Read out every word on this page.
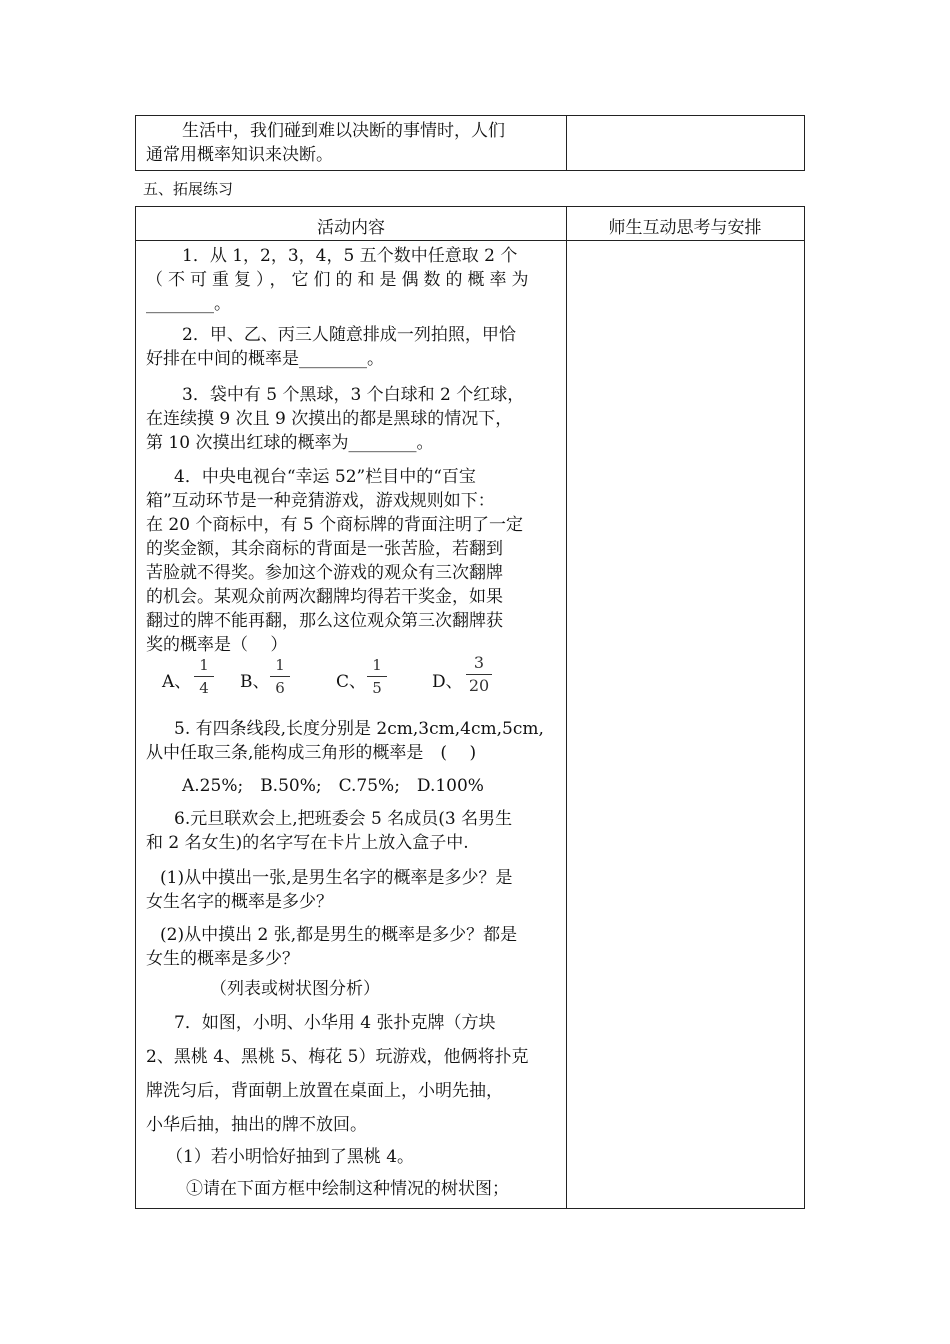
生活中，我们碰到难以决断的事情时，人们

通常用概率知识来决断。

五、拓展练习
活动内容	师生互动思考与安排

1．从 1，2，3，4，5 五个数中任意取 2 个

（不可重复），它们的和是偶数的概率为

________。

2．甲、乙、丙三人随意排成一列拍照，甲恰

好排在中间的概率是________。

3．袋中有 5 个黑球，3 个白球和 2 个红球，

在连续摸 9 次且 9 次摸出的都是黑球的情况下，

第 10 次摸出红球的概率为________。

4．中央电视台“幸运 52”栏目中的“百宝

箱”互动环节是一种竞猜游戏，游戏规则如下：

在 20 个商标中，有 5 个商标牌的背面注明了一定

的奖金额，其余商标的背面是一张苦脸，若翻到

苦脸就不得奖。参加这个游戏的观众有三次翻牌

的机会。某观众前两次翻牌均得若干奖金，如果

翻过的牌不能再翻，那么这位观众第三次翻牌获

奖的概率是（　 ）

A、
1
4	B、
1
6	C、
1
5	D、
3
20

5. 有四条线段,长度分别是 2cm,3cm,4cm,5cm,

从中任取三条,能构成三角形的概率是　(　 )

A.25%;　B.50%;　C.75%;　D.100%

6.元旦联欢会上,把班委会 5 名成员(3 名男生

和 2 名女生)的名字写在卡片上放入盒子中.

(1)从中摸出一张,是男生名字的概率是多少？是

女生名字的概率是多少？

(2)从中摸出 2 张,都是男生的概率是多少？都是

女生的概率是多少？

（列表或树状图分析）

7．如图，小明、小华用 4 张扑克牌（方块

2、黑桃 4、黑桃 5、梅花 5）玩游戏，他俩将扑克

牌洗匀后，背面朝上放置在桌面上，小明先抽，

小华后抽，抽出的牌不放回。

（1）若小明恰好抽到了黑桃 4。

①请在下面方框中绘制这种情况的树状图；
